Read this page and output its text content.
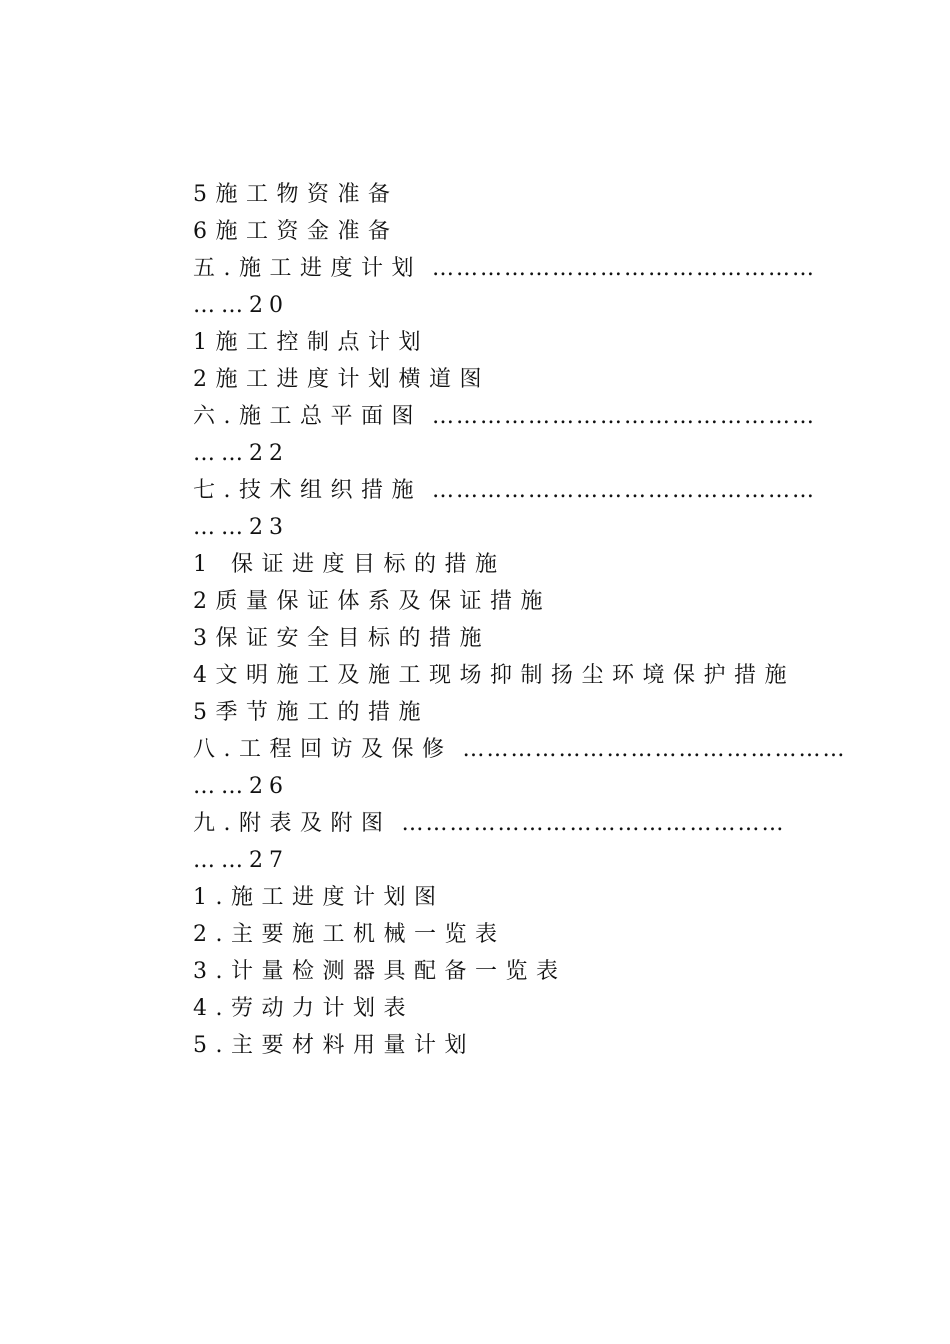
5施工物资准备
6施工资金准备
五.施工进度计划 …………………………………………
……20
1施工控制点计划
2施工进度计划横道图
六.施工总平面图 …………………………………………
……22
七.技术组织措施 …………………………………………
……23
1 保证进度目标的措施
2质量保证体系及保证措施
3保证安全目标的措施
4文明施工及施工现场抑制扬尘环境保护措施
5季节施工的措施
八.工程回访及保修 …………………………………………
……26
九.附表及附图 …………………………………………
……27
1.施工进度计划图
2.主要施工机械一览表
3.计量检测器具配备一览表
4.劳动力计划表
5.主要材料用量计划
